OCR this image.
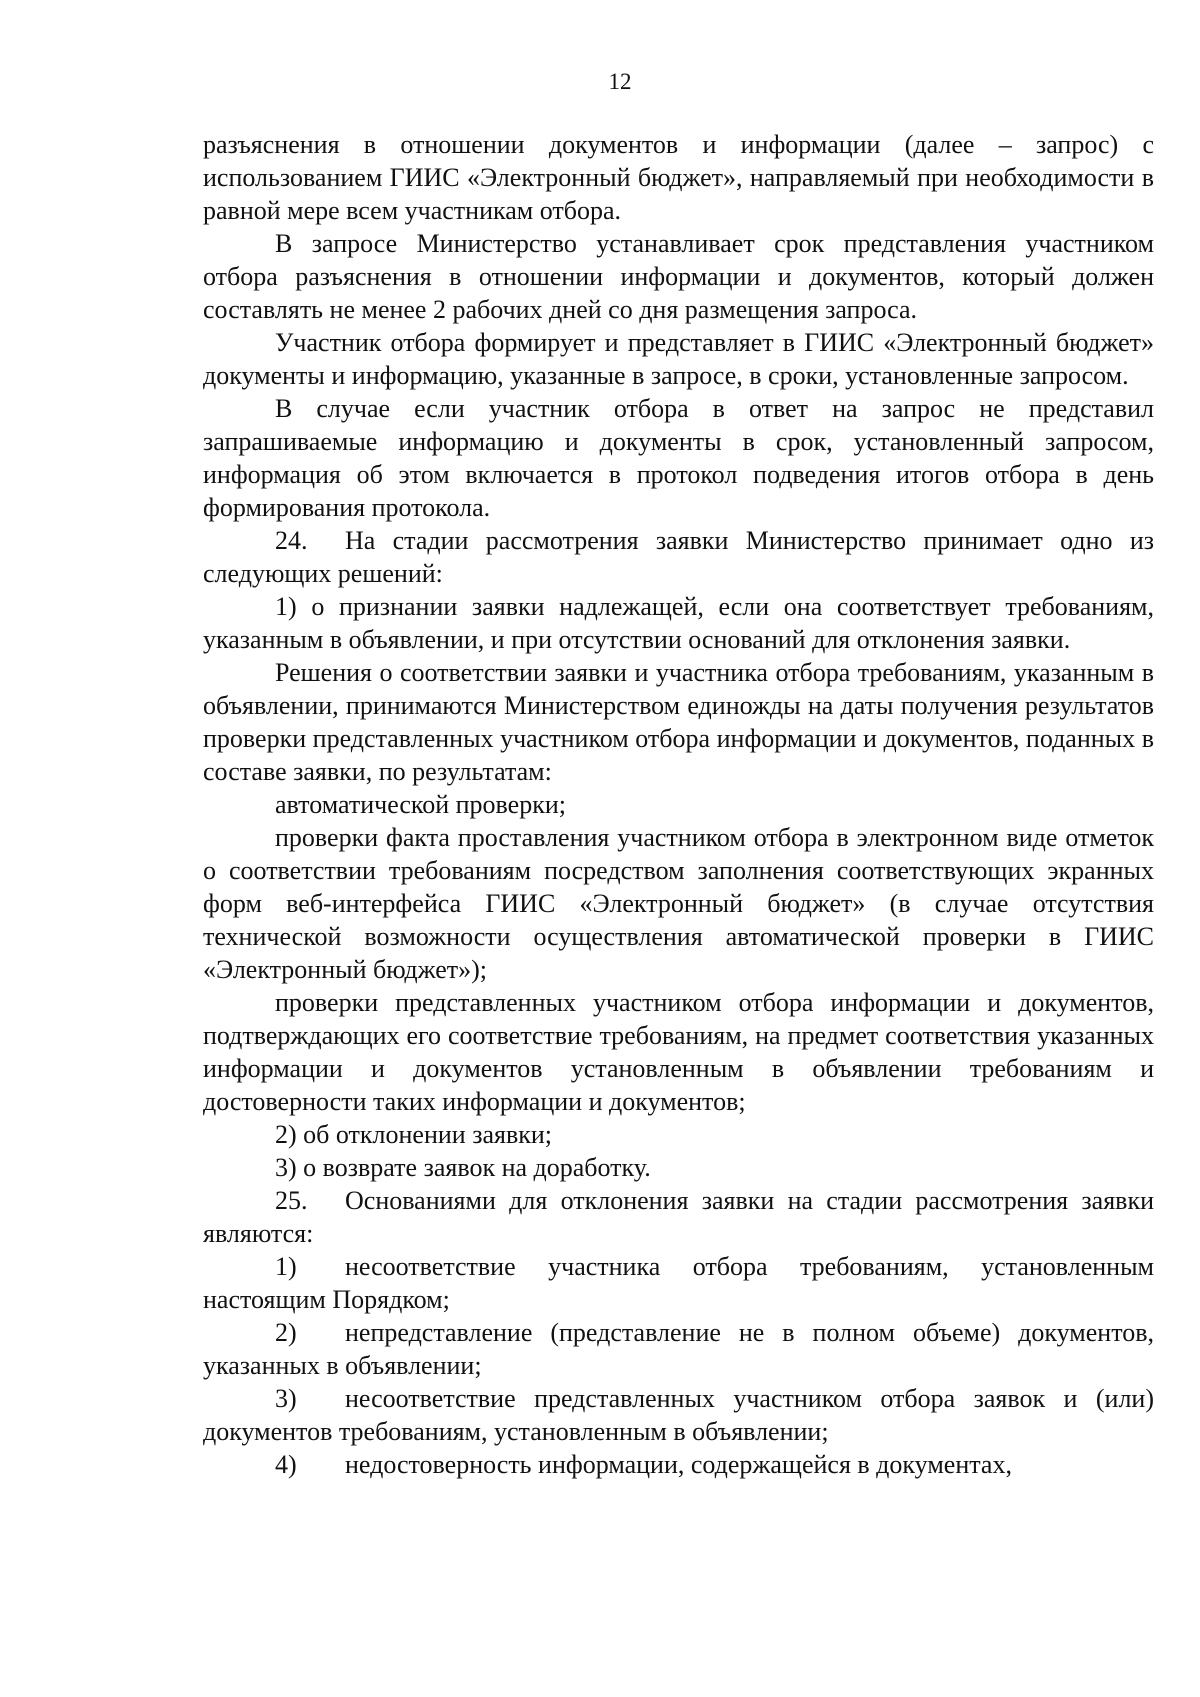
12

разъяснения в отношении документов и информации (далее – запрос) с использованием ГИИС «Электронный бюджет», направляемый при необходимости в равной мере всем участникам отбора.

В запросе Министерство устанавливает срок представления участником отбора разъяснения в отношении информации и документов, который должен составлять не менее 2 рабочих дней со дня размещения запроса.

Участник отбора формирует и представляет в ГИИС «Электронный бюджет» документы и информацию, указанные в запросе, в сроки, установленные запросом.

В случае если участник отбора в ответ на запрос не представил запрашиваемые информацию и документы в срок, установленный запросом, информация об этом включается в протокол подведения итогов отбора в день формирования протокола.

24. На стадии рассмотрения заявки Министерство принимает одно из следующих решений:

1) о признании заявки надлежащей, если она соответствует требованиям, указанным в объявлении, и при отсутствии оснований для отклонения заявки.

Решения о соответствии заявки и участника отбора требованиям, указанным в объявлении, принимаются Министерством единожды на даты получения результатов проверки представленных участником отбора информации и документов, поданных в составе заявки, по результатам:

автоматической проверки;

проверки факта проставления участником отбора в электронном виде отметок о соответствии требованиям посредством заполнения соответствующих экранных форм веб-интерфейса ГИИС «Электронный бюджет» (в случае отсутствия технической возможности осуществления автоматической проверки в ГИИС «Электронный бюджет»);

проверки представленных участником отбора информации и документов, подтверждающих его соответствие требованиям, на предмет соответствия указанных информации и документов установленным в объявлении требованиям и достоверности таких информации и документов;

2) об отклонении заявки;

3) о возврате заявок на доработку.

25. Основаниями для отклонения заявки на стадии рассмотрения заявки являются:

1) несоответствие участника отбора требованиям, установленным настоящим Порядком;

2) непредставление (представление не в полном объеме) документов, указанных в объявлении;

3) несоответствие представленных участником отбора заявок и (или) документов требованиям, установленным в объявлении;

4) недостоверность информации, содержащейся в документах,
